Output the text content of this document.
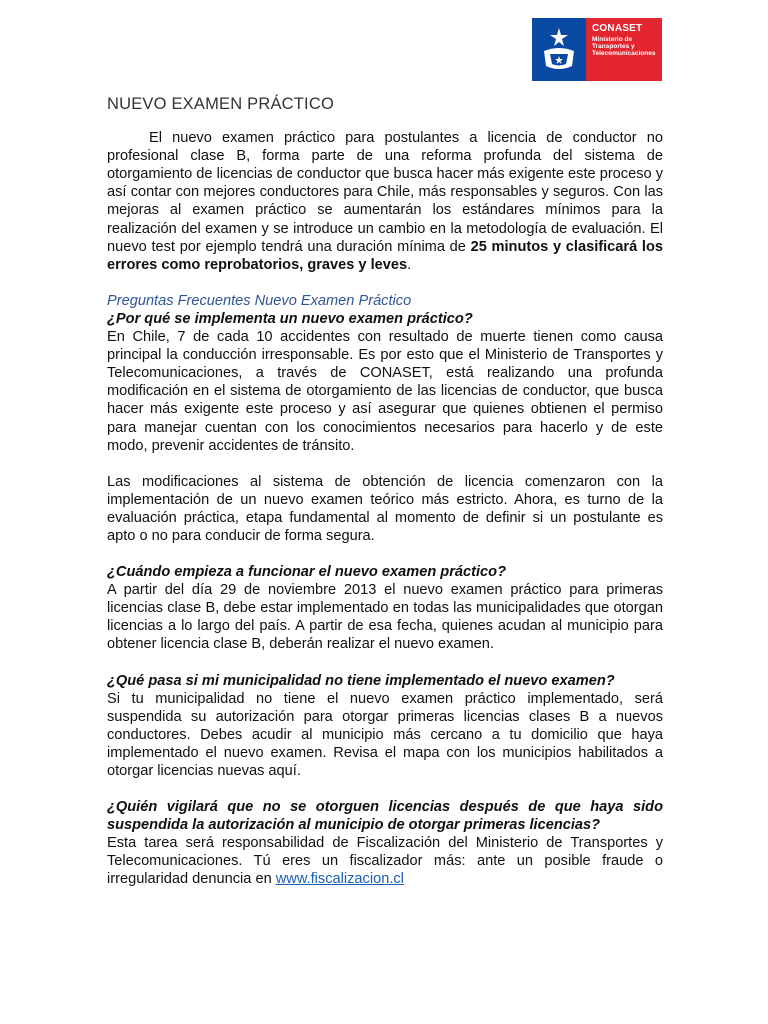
CONASET
Ministerio de
Transportes y
Telecomunicaciones
NUEVO EXAMEN PRÁCTICO

El nuevo examen práctico para postulantes a licencia de conductor no profesional clase B, forma parte de una reforma profunda del sistema de otorgamiento de licencias de conductor que busca hacer más exigente este proceso y así contar con mejores conductores para Chile, más responsables y seguros. Con las mejoras al examen práctico se aumentarán los estándares mínimos para la realización del examen y se introduce un cambio en la metodología de evaluación. El nuevo test por ejemplo tendrá una duración mínima de 25 minutos y clasificará los errores como reprobatorios, graves y leves.

Preguntas Frecuentes Nuevo Examen Práctico

¿Por qué se implementa un nuevo examen práctico?

En Chile, 7 de cada 10 accidentes con resultado de muerte tienen como causa principal la conducción irresponsable. Es por esto que el Ministerio de Transportes y Telecomunicaciones, a través de CONASET, está realizando una profunda modificación en el sistema de otorgamiento de las licencias de conductor, que busca hacer más exigente este proceso y así asegurar que quienes obtienen el permiso para manejar cuentan con los conocimientos necesarios para hacerlo y de este modo, prevenir accidentes de tránsito.

Las modificaciones al sistema de obtención de licencia comenzaron con la implementación de un nuevo examen teórico más estricto. Ahora, es turno de la evaluación práctica, etapa fundamental al momento de definir si un postulante es apto o no para conducir de forma segura.

¿Cuándo empieza a funcionar el nuevo examen práctico?

A partir del día 29 de noviembre 2013 el nuevo examen práctico para primeras licencias clase B, debe estar implementado en todas las municipalidades que otorgan licencias a lo largo del país. A partir de esa fecha, quienes acudan al municipio para obtener licencia clase B, deberán realizar el nuevo examen.

¿Qué pasa si mi municipalidad no tiene implementado el nuevo examen?

Si tu municipalidad no tiene el nuevo examen práctico implementado, será suspendida su autorización para otorgar primeras licencias clases B a nuevos conductores. Debes acudir al municipio más cercano a tu domicilio que haya implementado el nuevo examen. Revisa el mapa con los municipios habilitados a otorgar licencias nuevas aquí.

¿Quién vigilará que no se otorguen licencias después de que haya sido suspendida la autorización al municipio de otorgar primeras licencias?

Esta tarea será responsabilidad de Fiscalización del Ministerio de Transportes y Telecomunicaciones. Tú eres un fiscalizador más: ante un posible fraude o irregularidad denuncia en www.fiscalizacion.cl
